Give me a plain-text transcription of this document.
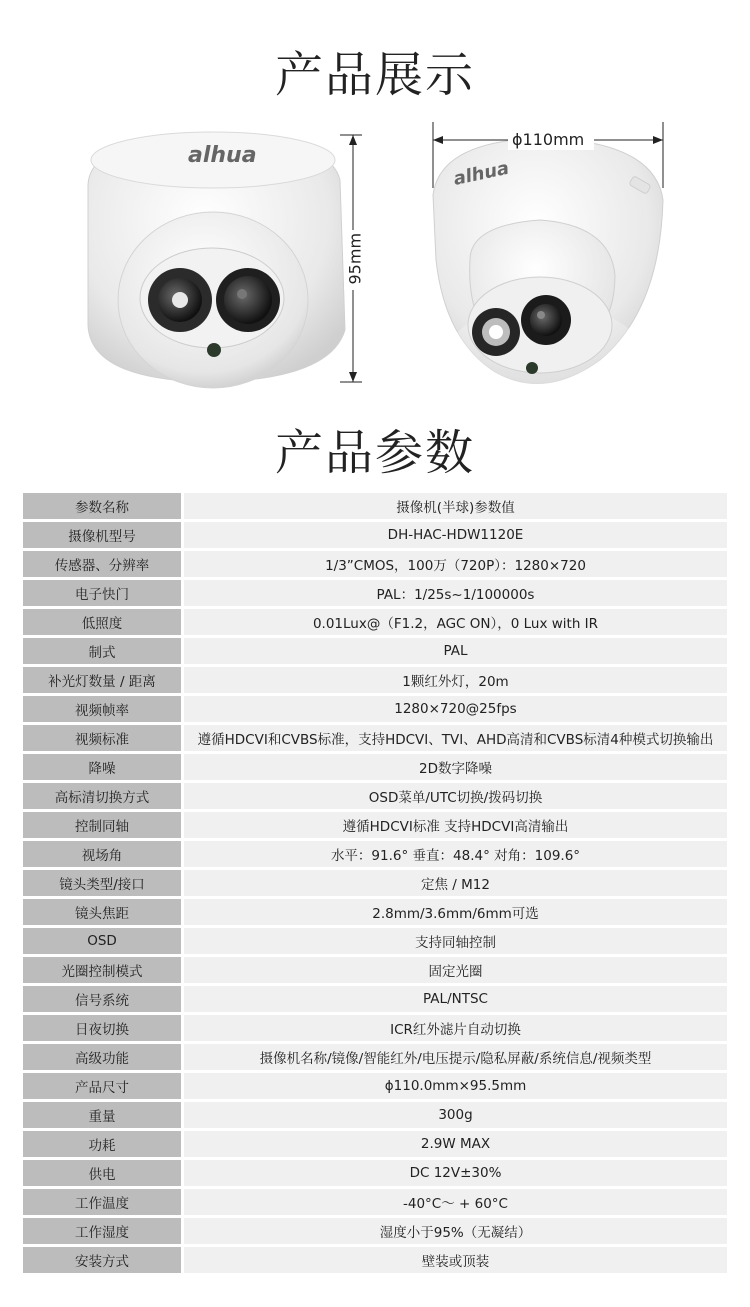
产品展示
alhua
alhua
ϕ110mm
95mm
产品参数
参数名称	摄像机(半球)参数值
摄像机型号	DH-HAC-HDW1120E
传感器、分辨率	1/3”CMOS，100万（720P）：1280×720
电子快门	PAL：1/25s~1/100000s
低照度	0.01Lux@（F1.2，AGC ON），0 Lux with IR
制式	PAL
补光灯数量 / 距离	1颗红外灯，20m
视频帧率	1280×720@25fps
视频标准	遵循HDCVI和CVBS标准，支持HDCVI、TVI、AHD高清和CVBS标清4种模式切换输出
降噪	2D数字降噪
高标清切换方式	OSD菜单/UTC切换/拨码切换
控制同轴	遵循HDCVI标准 支持HDCVI高清输出
视场角	水平：91.6° 垂直：48.4° 对角：109.6°
镜头类型/接口	定焦 / M12
镜头焦距	2.8mm/3.6mm/6mm可选
OSD	支持同轴控制
光圈控制模式	固定光圈
信号系统	PAL/NTSC
日夜切换	ICR红外滤片自动切换
高级功能	摄像机名称/镜像/智能红外/电压提示/隐私屏蔽/系统信息/视频类型
产品尺寸	ϕ110.0mm×95.5mm
重量	300g
功耗	2.9W MAX
供电	DC 12V±30%
工作温度	-40°C～ + 60°C
工作湿度	湿度小于95%（无凝结）
安装方式	壁装或顶装
